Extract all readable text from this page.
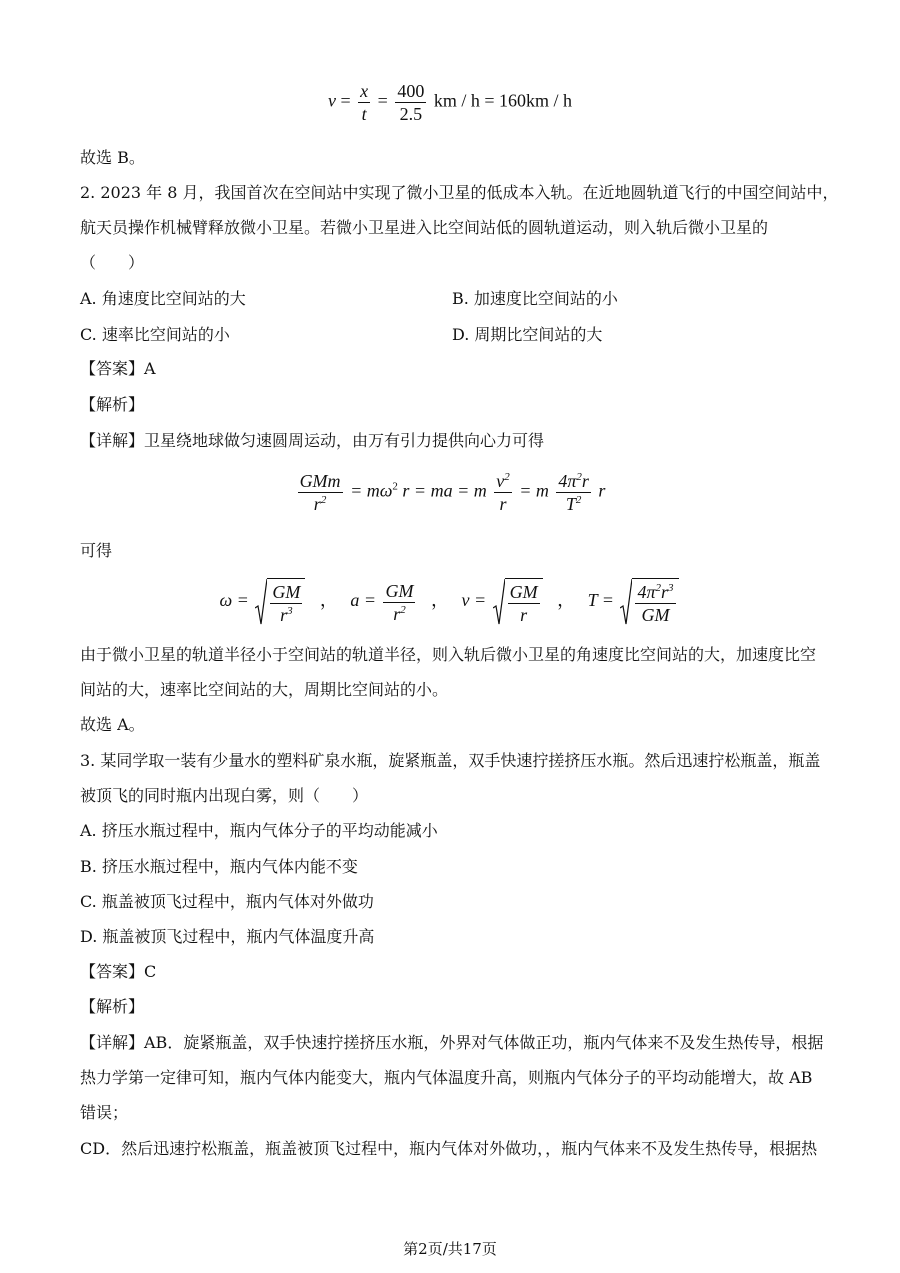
$v = \frac{x}{t} = \frac{400}{2.5}$ km / h = 160km / h
故选 B。
2. 2023 年 8 月，我国首次在空间站中实现了微小卫星的低成本入轨。在近地圆轨道飞行的中国空间站中，
航天员操作机械臂释放微小卫星。若微小卫星进入比空间站低的圆轨道运动，则入轨后微小卫星的
（　　）
A. 角速度比空间站的大	B. 加速度比空间站的小
C. 速率比空间站的小	D. 周期比空间站的大
【答案】A
【解析】
【详解】卫星绕地球做匀速圆周运动，由万有引力提供向心力可得
$\frac{\text{GMm}}{r^2} = m\omega^2$ r = ma = m $\frac{v^2}{r} = m \frac{4\pi^2r}{T^2}$ r
可得
$\omega = \frac{GM}{r^3}$ ， $a = \frac{GM}{r^2}$ ， $v = \frac{GM}{r}$ ， $T = \frac{4\pi^2r^3}{GM}$
由于微小卫星的轨道半径小于空间站的轨道半径，则入轨后微小卫星的角速度比空间站的大，加速度比空
间站的大，速率比空间站的大，周期比空间站的小。
故选 A。
3. 某同学取一装有少量水的塑料矿泉水瓶，旋紧瓶盖，双手快速拧搓挤压水瓶。然后迅速拧松瓶盖，瓶盖
被顶飞的同时瓶内出现白雾，则（　　）
A. 挤压水瓶过程中，瓶内气体分子的平均动能减小
B. 挤压水瓶过程中，瓶内气体内能不变
C. 瓶盖被顶飞过程中，瓶内气体对外做功
D. 瓶盖被顶飞过程中，瓶内气体温度升高
【答案】C
【解析】
【详解】AB．旋紧瓶盖，双手快速拧搓挤压水瓶，外界对气体做正功，瓶内气体来不及发生热传导，根据
热力学第一定律可知，瓶内气体内能变大，瓶内气体温度升高，则瓶内气体分子的平均动能增大，故 AB
错误；
CD．然后迅速拧松瓶盖，瓶盖被顶飞过程中，瓶内气体对外做功，，瓶内气体来不及发生热传导，根据热
第2页/共17页
